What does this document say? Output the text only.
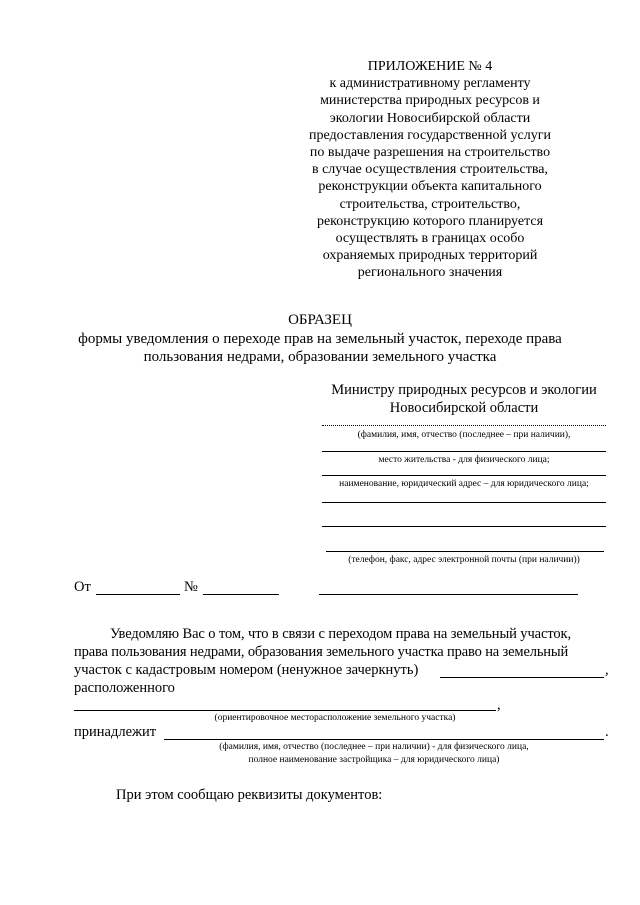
ПРИЛОЖЕНИЕ № 4
к административному регламенту
министерства природных ресурсов и
экологии Новосибирской области
предоставления государственной услуги
по выдаче разрешения на строительство
в случае осуществления строительства,
реконструкции объекта капитального
строительства, строительство,
реконструкцию которого планируется
осуществлять в границах особо
охраняемых природных территорий
регионального значения
ОБРАЗЕЦ
формы уведомления о переходе прав на земельный участок, переходе права
пользования недрами, образовании земельного участка
Министру природных ресурсов и экологии
Новосибирской области
(фамилия, имя, отчество (последнее – при наличии),
место жительства - для физического лица;
наименование, юридический адрес – для юридического лица;
(телефон, факс, адрес электронной почты (при наличии))
От	№
Уведомляю Вас о том, что в связи с переходом права на земельный участок,
права пользования недрами, образования земельного участка право на земельный
участок с кадастровым номером (ненужное зачеркнуть)	,
расположенного
,
(ориентировочное месторасположение земельного участка)
принадлежит	.
(фамилия, имя, отчество (последнее – при наличии) - для физического лица,
полное наименование застройщика – для юридического лица)
При этом сообщаю реквизиты документов:
